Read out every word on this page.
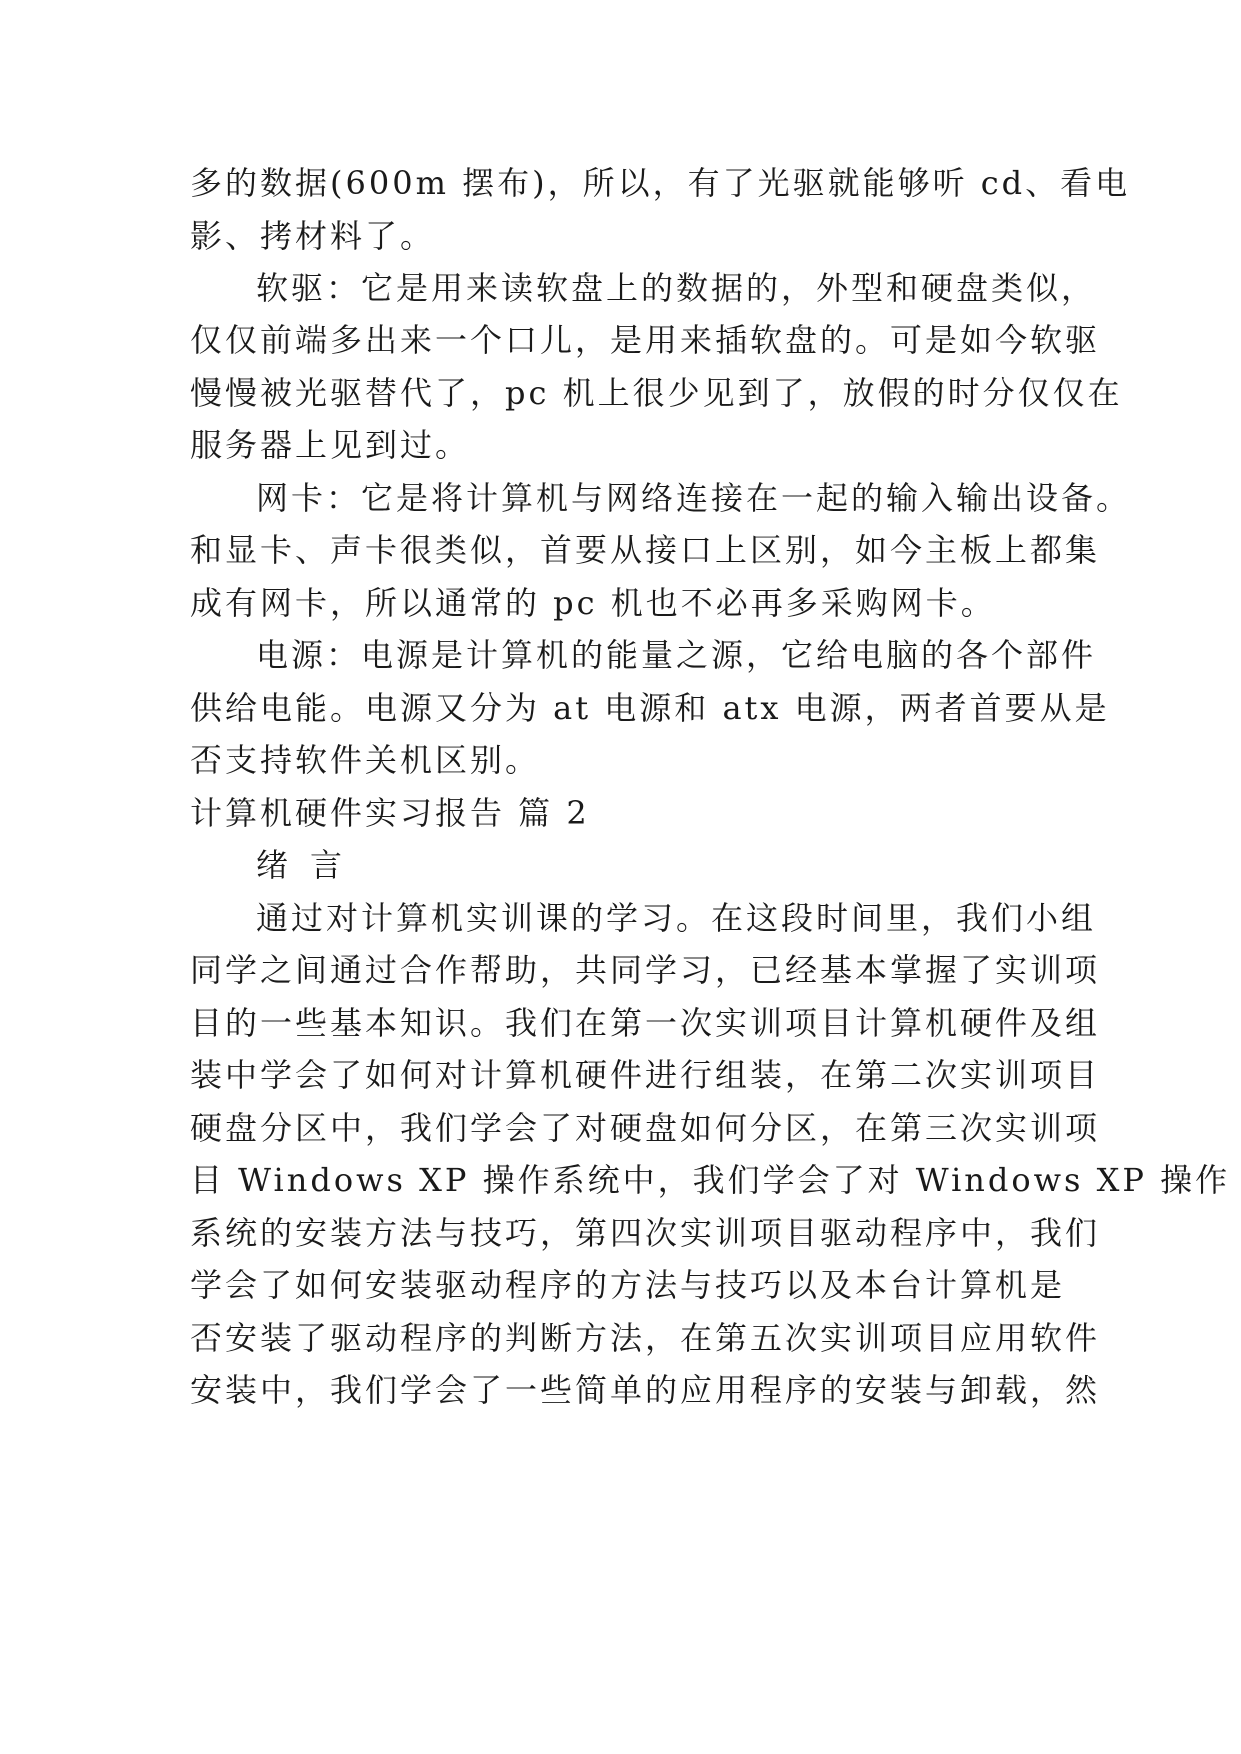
多的数据(600m 摆布)，所以，有了光驱就能够听 cd、看电
影、拷材料了。
软驱：它是用来读软盘上的数据的，外型和硬盘类似，
仅仅前端多出来一个口儿，是用来插软盘的。可是如今软驱
慢慢被光驱替代了，pc 机上很少见到了，放假的时分仅仅在
服务器上见到过。
网卡：它是将计算机与网络连接在一起的输入输出设备。
和显卡、声卡很类似，首要从接口上区别，如今主板上都集
成有网卡，所以通常的 pc 机也不必再多采购网卡。
电源：电源是计算机的能量之源，它给电脑的各个部件
供给电能。电源又分为 at 电源和 atx 电源，两者首要从是
否支持软件关机区别。
计算机硬件实习报告 篇 2
绪 言
通过对计算机实训课的学习。在这段时间里，我们小组
同学之间通过合作帮助，共同学习，已经基本掌握了实训项
目的一些基本知识。我们在第一次实训项目计算机硬件及组
装中学会了如何对计算机硬件进行组装，在第二次实训项目
硬盘分区中，我们学会了对硬盘如何分区，在第三次实训项
目 Windows XP 操作系统中，我们学会了对 Windows XP 操作
系统的安装方法与技巧，第四次实训项目驱动程序中，我们
学会了如何安装驱动程序的方法与技巧以及本台计算机是
否安装了驱动程序的判断方法，在第五次实训项目应用软件
安装中，我们学会了一些简单的应用程序的安装与卸载，然
